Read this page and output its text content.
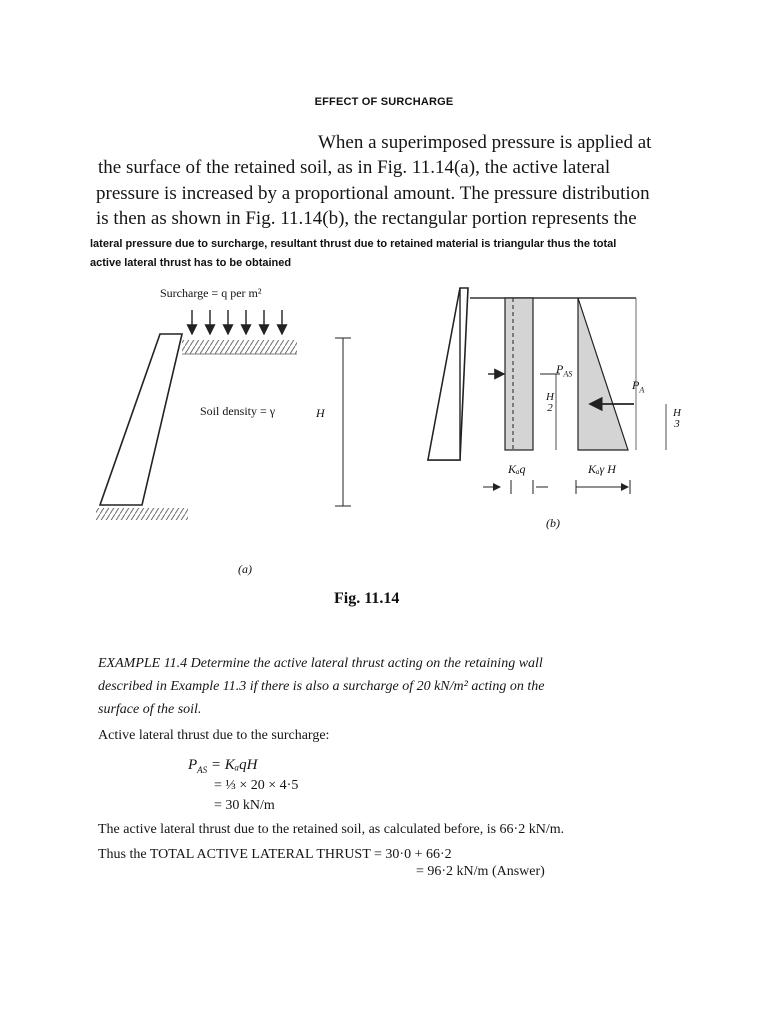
EFFECT OF SURCHARGE
When a superimposed pressure is applied at
the surface of the retained soil, as in Fig. 11.14(a), the active lateral
pressure is increased by a proportional amount. The pressure distribution
is then as shown in Fig. 11.14(b), the rectangular portion represents the
lateral pressure due to surcharge, resultant thrust due to retained material is triangular thus the total
active lateral thrust has to be obtained
Surcharge = q per m²
Soil density = γ	H
$P_{AS}$
$P_A$
H
2	H
3
Kₐq	Kₐγ H
(b)
(a)
Fig. 11.14
EXAMPLE 11.4 Determine the active lateral thrust acting on the retaining wall
described in Example 11.3 if there is also a surcharge of 20 kN/m² acting on the
surface of the soil.
Active lateral thrust due to the surcharge:
$P_{AS} = K_aqH$
= ⅓ × 20 × 4·5
= 30 kN/m
The active lateral thrust due to the retained soil, as calculated before, is 66·2 kN/m.
Thus the TOTAL ACTIVE LATERAL THRUST = 30·0 + 66·2
= 96·2 kN/m (Answer)
